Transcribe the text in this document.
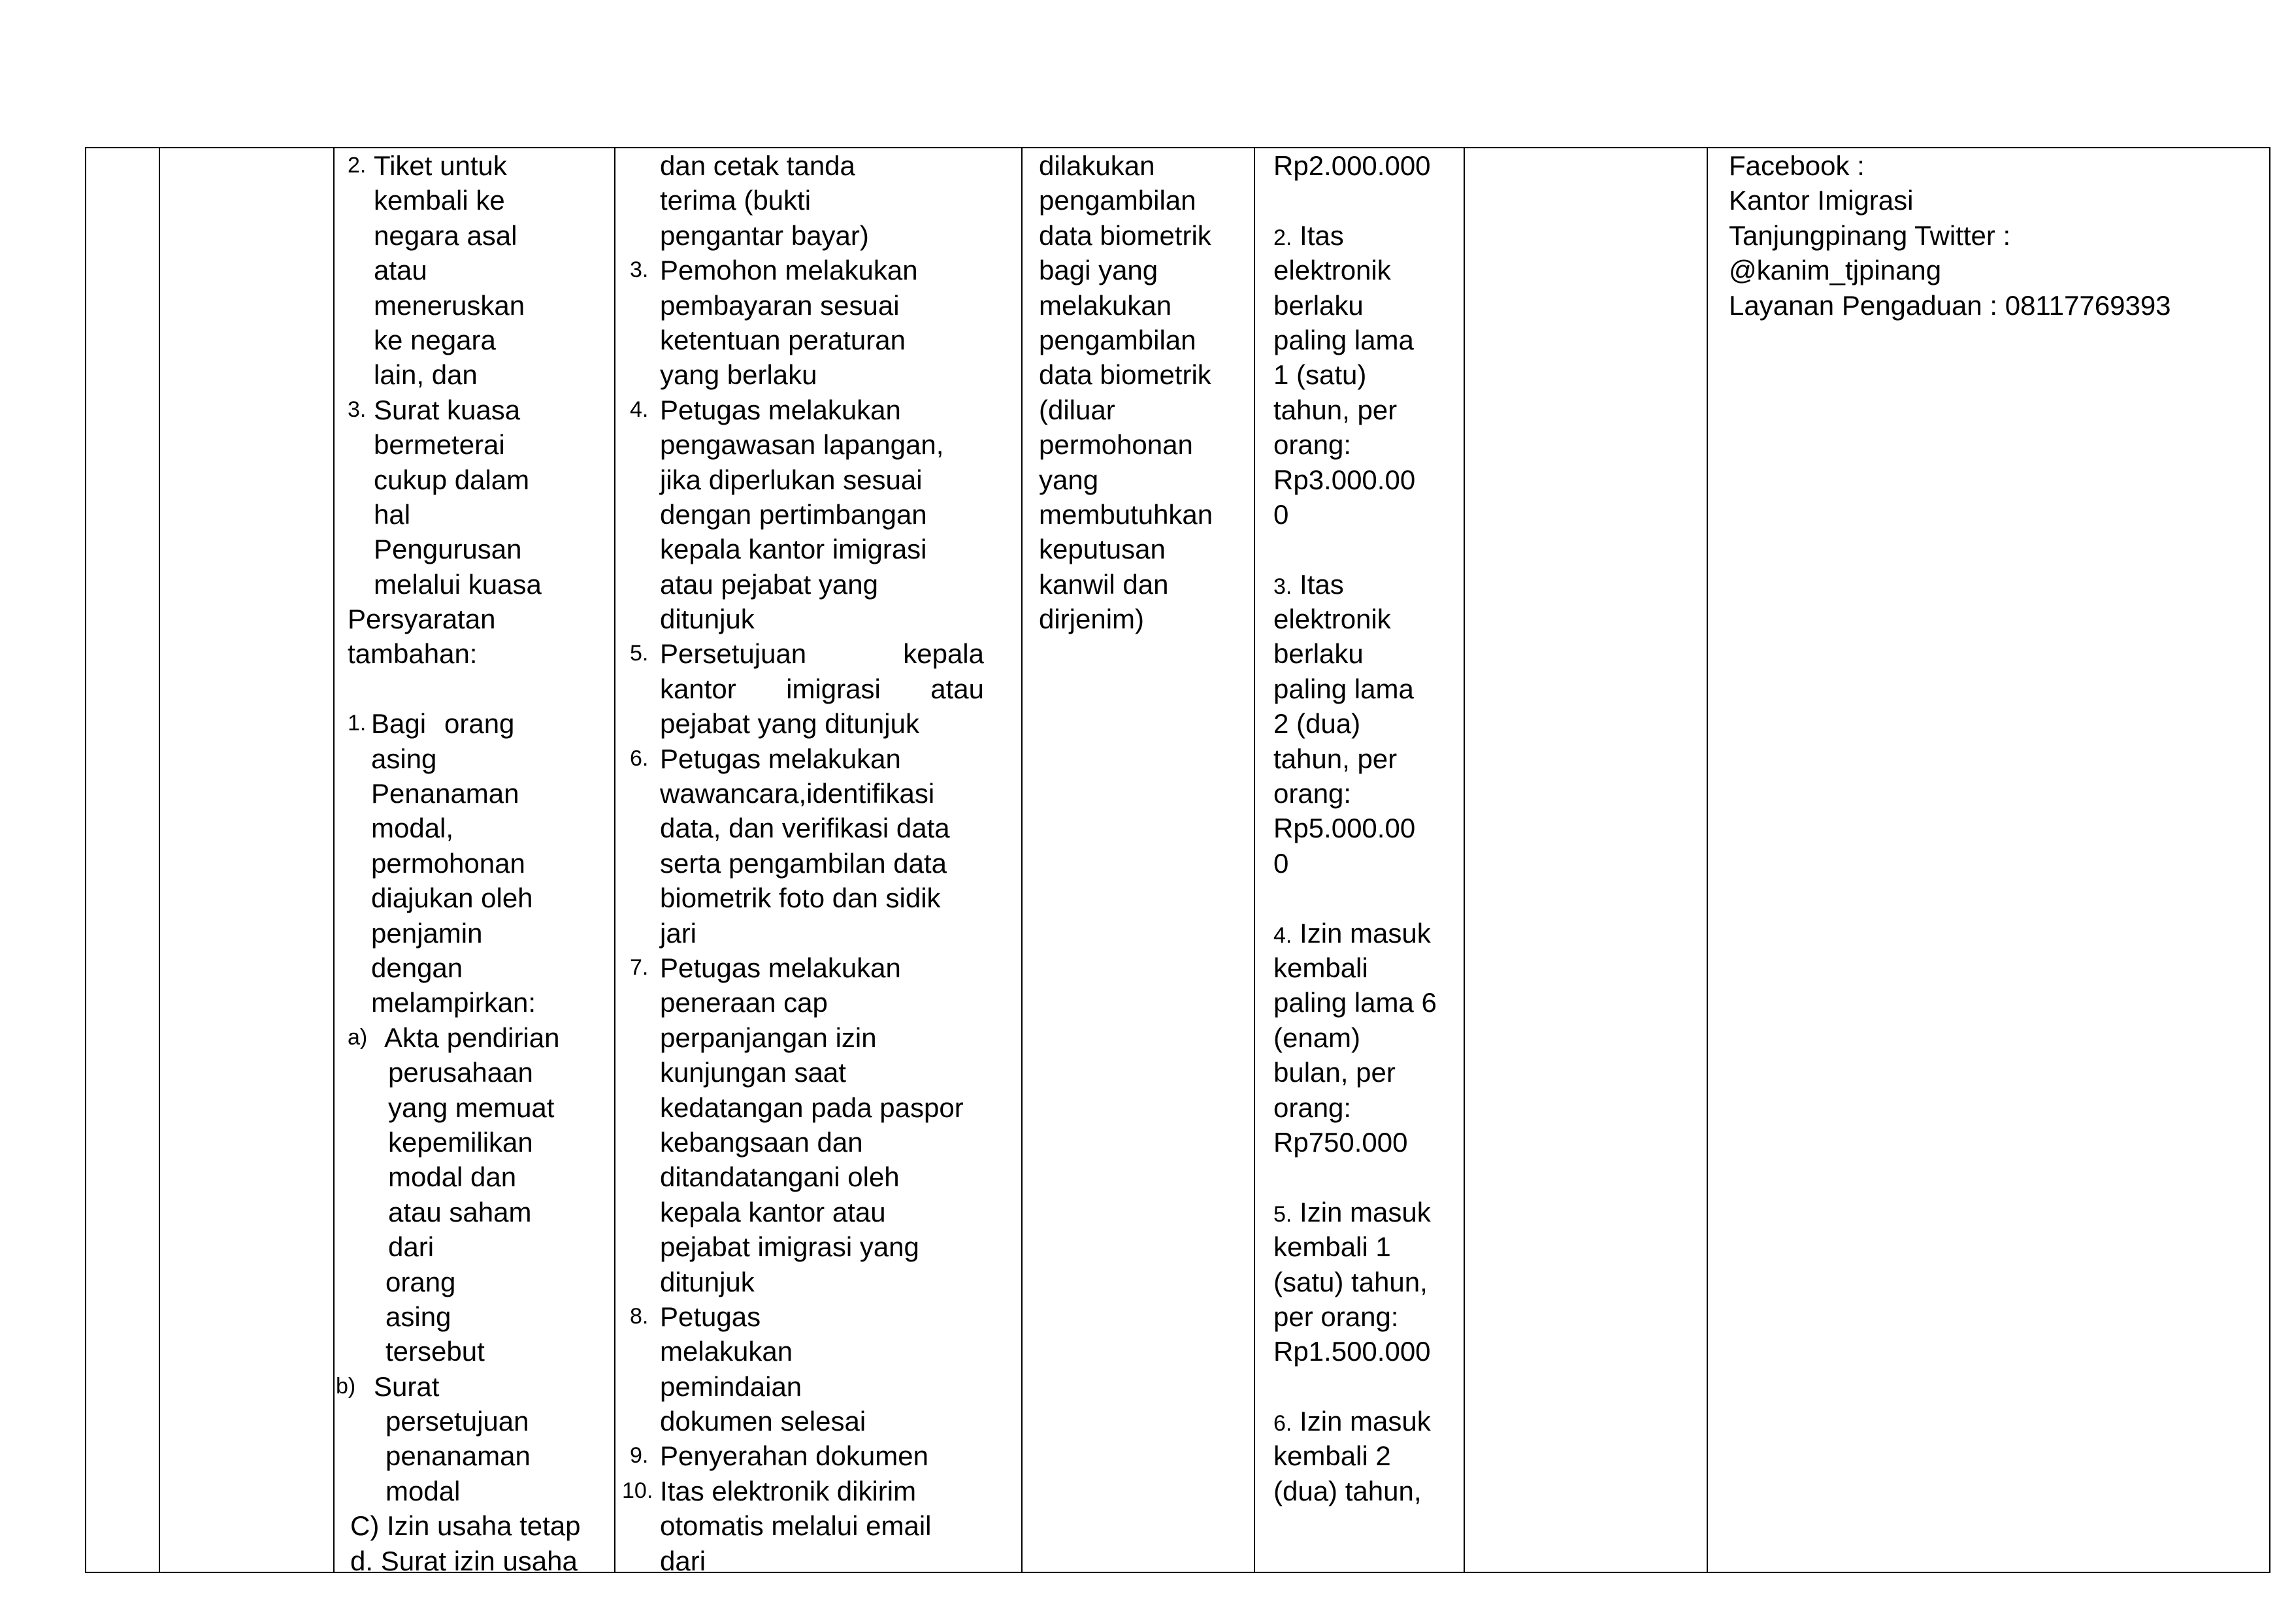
2. Tiket untuk
kembali ke
negara asal
atau
meneruskan
ke negara
lain, dan
3. Surat kuasa
bermeterai
cukup dalam
hal
Pengurusan
melalui kuasa
Persyaratan
tambahan:
1. Bagi orang
asing
Penanaman
modal,
permohonan
diajukan oleh
penjamin
dengan
melampirkan:
a) Akta pendirian
perusahaan
yang memuat
kepemilikan
modal dan
atau saham
dari
orang
asing
tersebut
b) Surat
persetujuan
penanaman
modal
C) Izin usaha tetap
d. Surat izin usaha
dan cetak tanda
terima (bukti
pengantar bayar)
3. Pemohon melakukan
pembayaran sesuai
ketentuan peraturan
yang berlaku
4. Petugas melakukan
pengawasan lapangan,
jika diperlukan sesuai
dengan pertimbangan
kepala kantor imigrasi
atau pejabat yang
ditunjuk
5. Persetujuan	kepala
kantor imigrasi atau
pejabat yang ditunjuk
6. Petugas melakukan
wawancara,identifikasi
data, dan verifikasi data
serta pengambilan data
biometrik foto dan sidik
jari
7. Petugas melakukan
peneraan cap
perpanjangan izin
kunjungan saat
kedatangan pada paspor
kebangsaan dan
ditandatangani oleh
kepala kantor atau
pejabat imigrasi yang
ditunjuk
8. Petugas
melakukan
pemindaian
dokumen selesai
9. Penyerahan dokumen
10. Itas elektronik dikirim
otomatis melalui email
dari
dilakukan
pengambilan
data biometrik
bagi yang
melakukan
pengambilan
data biometrik
(diluar
permohonan
yang
membutuhkan
keputusan
kanwil dan
dirjenim)
Rp2.000.000
2. Itas
elektronik
berlaku
paling lama
1 (satu)
tahun, per
orang:
Rp3.000.00
0
3. Itas
elektronik
berlaku
paling lama
2 (dua)
tahun, per
orang:
Rp5.000.00
0
4. Izin masuk
kembali
paling lama 6
(enam)
bulan, per
orang:
Rp750.000
5. Izin masuk
kembali 1
(satu) tahun,
per orang:
Rp1.500.000
6. Izin masuk
kembali 2
(dua) tahun,
Facebook :
Kantor Imigrasi
Tanjungpinang Twitter :
@kanim_tjpinang
Layanan Pengaduan : 08117769393
